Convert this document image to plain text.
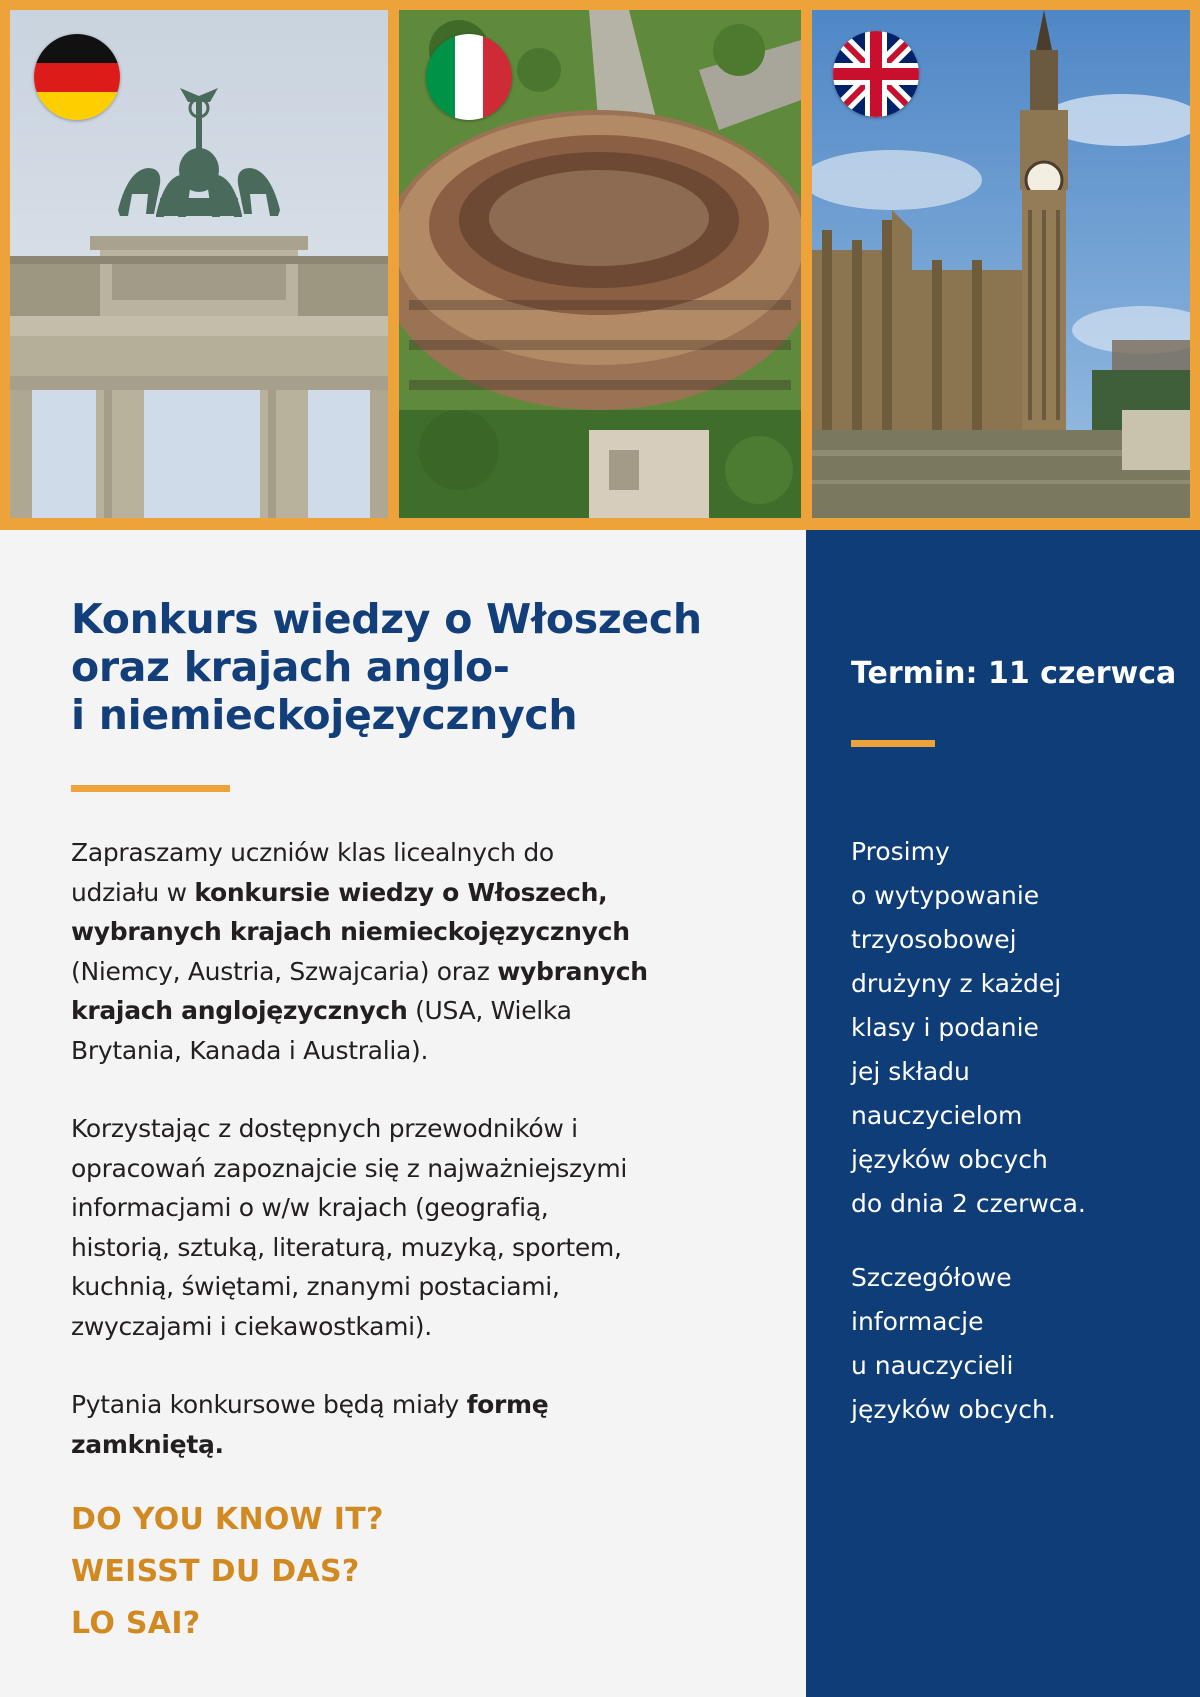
Konkurs wiedzy o Włoszech
oraz krajach anglo-
i niemieckojęzycznych

Zapraszamy uczniów klas licealnych do
udziału w konkursie wiedzy o Włoszech,
wybranych krajach niemieckojęzycznych
(Niemcy, Austria, Szwajcaria) oraz wybranych
krajach anglojęzycznych (USA, Wielka
Brytania, Kanada i Australia).

Korzystając z dostępnych przewodników i
opracowań zapoznajcie się z najważniejszymi
informacjami o w/w krajach (geografią,
historią, sztuką, literaturą, muzyką, sportem,
kuchnią, świętami, znanymi postaciami,
zwyczajami i ciekawostkami).

Pytania konkursowe będą miały formę
zamkniętą.

DO YOU KNOW IT?
WEISST DU DAS?
LO SAI?
Termin: 11 czerwca

Prosimy
o wytypowanie
trzyosobowej
drużyny z każdej
klasy i podanie
jej składu
nauczycielom
języków obcych
do dnia 2 czerwca.

Szczegółowe
informacje
u nauczycieli
języków obcych.
